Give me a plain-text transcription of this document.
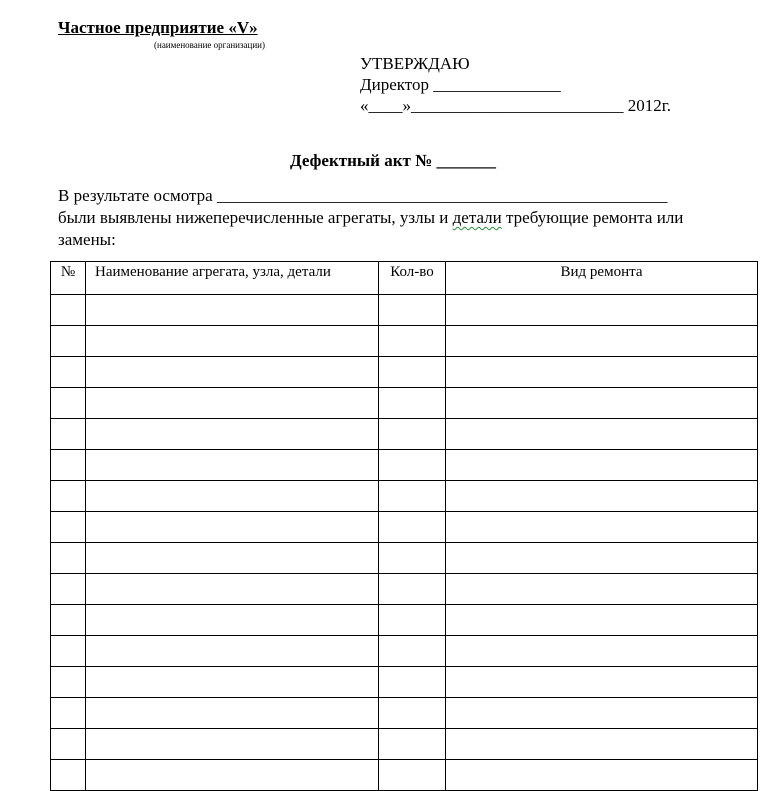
Частное предприятие «V»
(наименование организации)
УТВЕРЖДАЮ
Директор _______________
«____»_________________________ 2012г.
Дефектный акт № _______
В результате осмотра _____________________________________________________
были выявлены нижеперечисленные агрегаты, узлы и детали требующие ремонта или
замены:
№	Наименование агрегата, узла, детали	Кол-во	Вид ремонта
